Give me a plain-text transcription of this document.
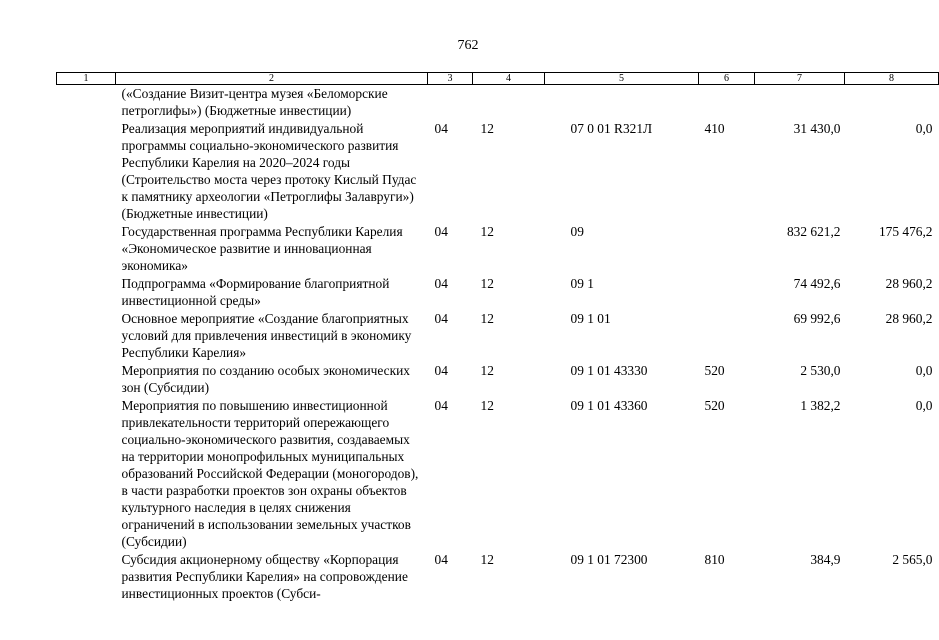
762
1	2	3	4	5	6	7	8
	(«Создание Визит-центра музея «Беломорские петроглифы») (Бюджетные инвестиции)						
	Реализация мероприятий индивидуальной программы социально-экономического развития Республики Карелия на 2020–2024 годы (Строительство моста через протоку Кислый Пудас к памятнику археологии «Петроглифы Залавруги») (Бюджетные инвестиции)	04	12	07 0 01 R321Л	410	31 430,0	0,0
	Государственная программа Республики Карелия «Экономическое развитие и инновационная экономика»	04	12	09		832 621,2	175 476,2
	Подпрограмма «Формирование благоприятной инвестиционной среды»	04	12	09 1		74 492,6	28 960,2
	Основное мероприятие «Создание благоприятных условий для привлечения инвестиций в экономику Республики Карелия»	04	12	09 1 01		69 992,6	28 960,2
	Мероприятия по созданию особых экономических зон (Субсидии)	04	12	09 1 01 43330	520	2 530,0	0,0
	Мероприятия по повышению инвестиционной привлекательности территорий опережающего социально-экономического развития, создаваемых на территории монопрофильных муниципальных образований Российской Федерации (моногородов), в части разработки проектов зон охраны объектов культурного наследия в целях снижения ограничений в использовании земельных участков (Субсидии)	04	12	09 1 01 43360	520	1 382,2	0,0
	Субсидия акционерному обществу «Корпорация развития Республики Карелия» на сопровождение инвестиционных проектов (Субси-	04	12	09 1 01 72300	810	384,9	2 565,0
